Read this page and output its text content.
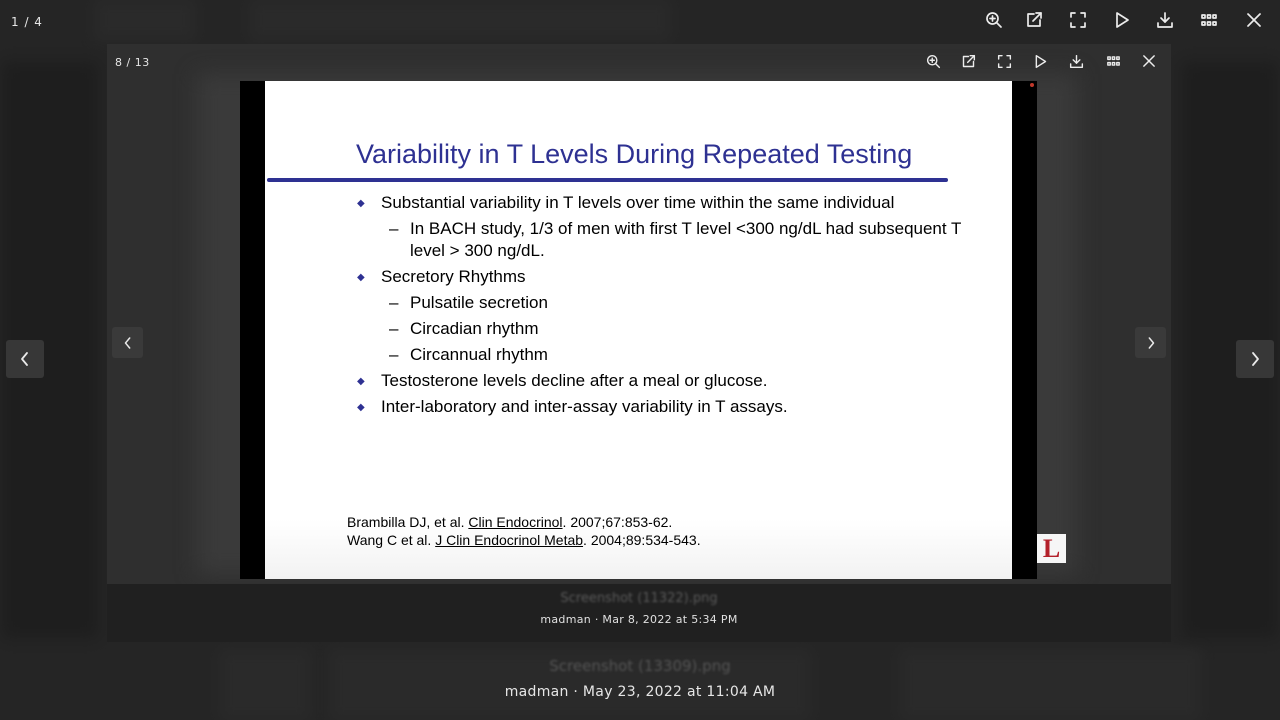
1 / 4
8 / 13
Variability in T Levels During Repeated Testing
◆ Substantial variability in T levels over time within the same individual
– In BACH study, 1/3 of men with first T level <300 ng/dL had subsequent T level > 300 ng/dL.
◆ Secretory Rhythms
– Pulsatile secretion
– Circadian rhythm
– Circannual rhythm
◆ Testosterone levels decline after a meal or glucose.
◆ Inter-laboratory and inter-assay variability in T assays.
Brambilla DJ, et al. Clin Endocrinol. 2007;67:853-62.
Wang C et al. J Clin Endocrinol Metab. 2004;89:534-543.	L
Screenshot (11322).png
madman · Mar 8, 2022 at 5:34 PM
Screenshot (13309).png
madman · May 23, 2022 at 11:04 AM
